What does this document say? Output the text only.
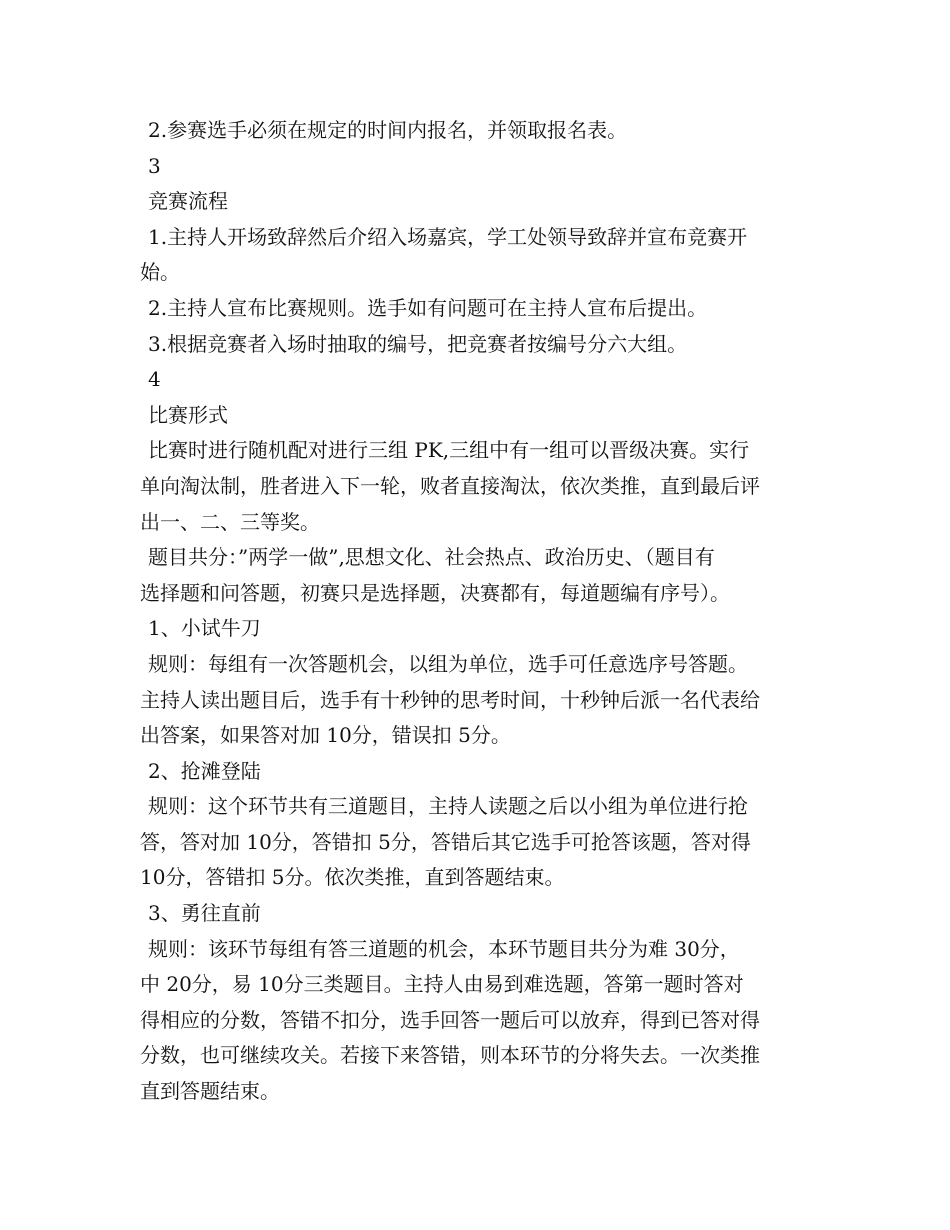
2.参赛选手必须在规定的时间内报名，并领取报名表。

3

竞赛流程

1.主持人开场致辞然后介绍入场嘉宾，学工处领导致辞并宣布竞赛开

始。

2.主持人宣布比赛规则。选手如有问题可在主持人宣布后提出。

3.根据竞赛者入场时抽取的编号，把竞赛者按编号分六大组。

4

比赛形式

比赛时进行随机配对进行三组 PK,三组中有一组可以晋级决赛。实行

单向淘汰制，胜者进入下一轮，败者直接淘汰，依次类推，直到最后评

出一、二、三等奖。

题目共分：”两学一做”,思想文化、社会热点、政治历史、（题目有

选择题和问答题，初赛只是选择题，决赛都有，每道题编有序号）。

1、小试牛刀

规则：每组有一次答题机会，以组为单位，选手可任意选序号答题。

主持人读出题目后，选手有十秒钟的思考时间，十秒钟后派一名代表给

出答案，如果答对加 10分，错误扣 5分。

2、抢滩登陆

规则：这个环节共有三道题目，主持人读题之后以小组为单位进行抢

答，答对加 10分，答错扣 5分，答错后其它选手可抢答该题，答对得

10分，答错扣 5分。依次类推，直到答题结束。

3、勇往直前

规则：该环节每组有答三道题的机会，本环节题目共分为难 30分，

中 20分，易 10分三类题目。主持人由易到难选题，答第一题时答对

得相应的分数，答错不扣分，选手回答一题后可以放弃，得到已答对得

分数，也可继续攻关。若接下来答错，则本环节的分将失去。一次类推

直到答题结束。
